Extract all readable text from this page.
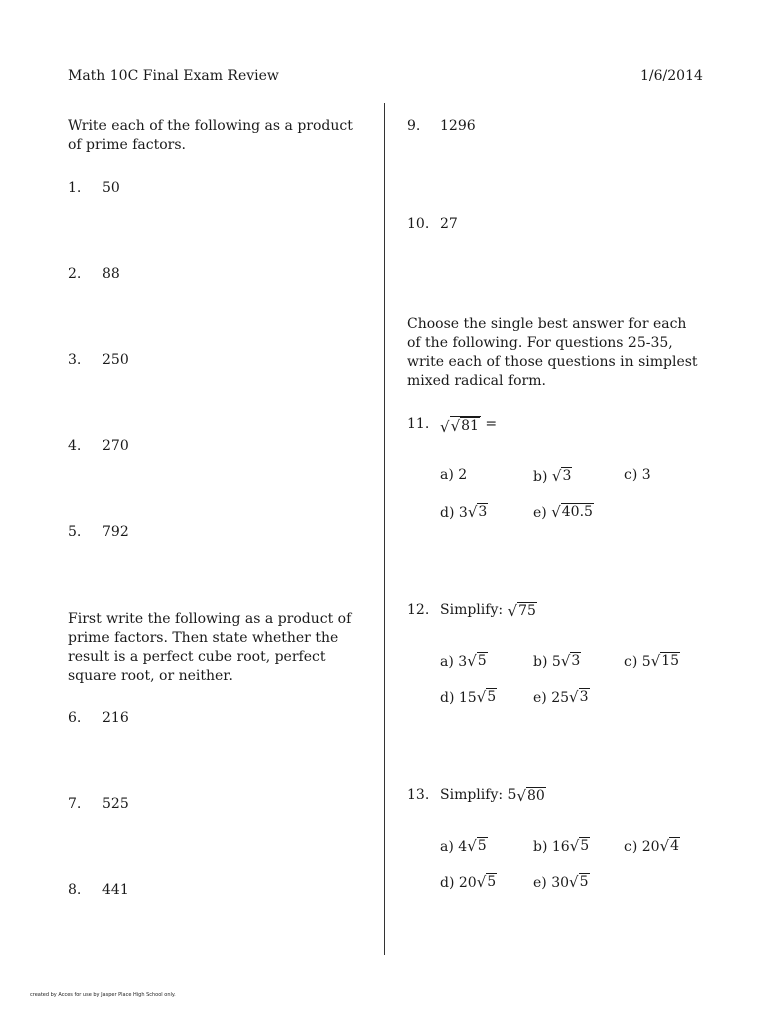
Math 10C Final Exam Review	1/6/2014
Write each of the following as a product of prime factors.
1.	50
2.	88
3.	250
4.	270
5.	792
First write the following as a product of prime factors. Then state whether the result is a perfect cube root, perfect square root, or neither.
6.	216
7.	525
8.	441
9.	1296
10. 27
Choose the single best answer for each of the following. For questions 25-35, write each of those questions in simplest mixed radical form.
11. √ √ 81 =
a) 2	b) √ 3	c) 3
d) 3 √ 3	e) √ 40.5
12. Simplify:
√ 75
a) 3 √ 5	b) 5 √ 3	c) 5 √ 15
d) 15 √ 5	e) 25 √ 3
13. Simplify:
5 √ 80
a) 4 √ 5	b) 16 √ 5 c) 20 √ 4
d) 20 √ 5	e) 30 √ 5
created by Acces for use by Jasper Place High School only.
